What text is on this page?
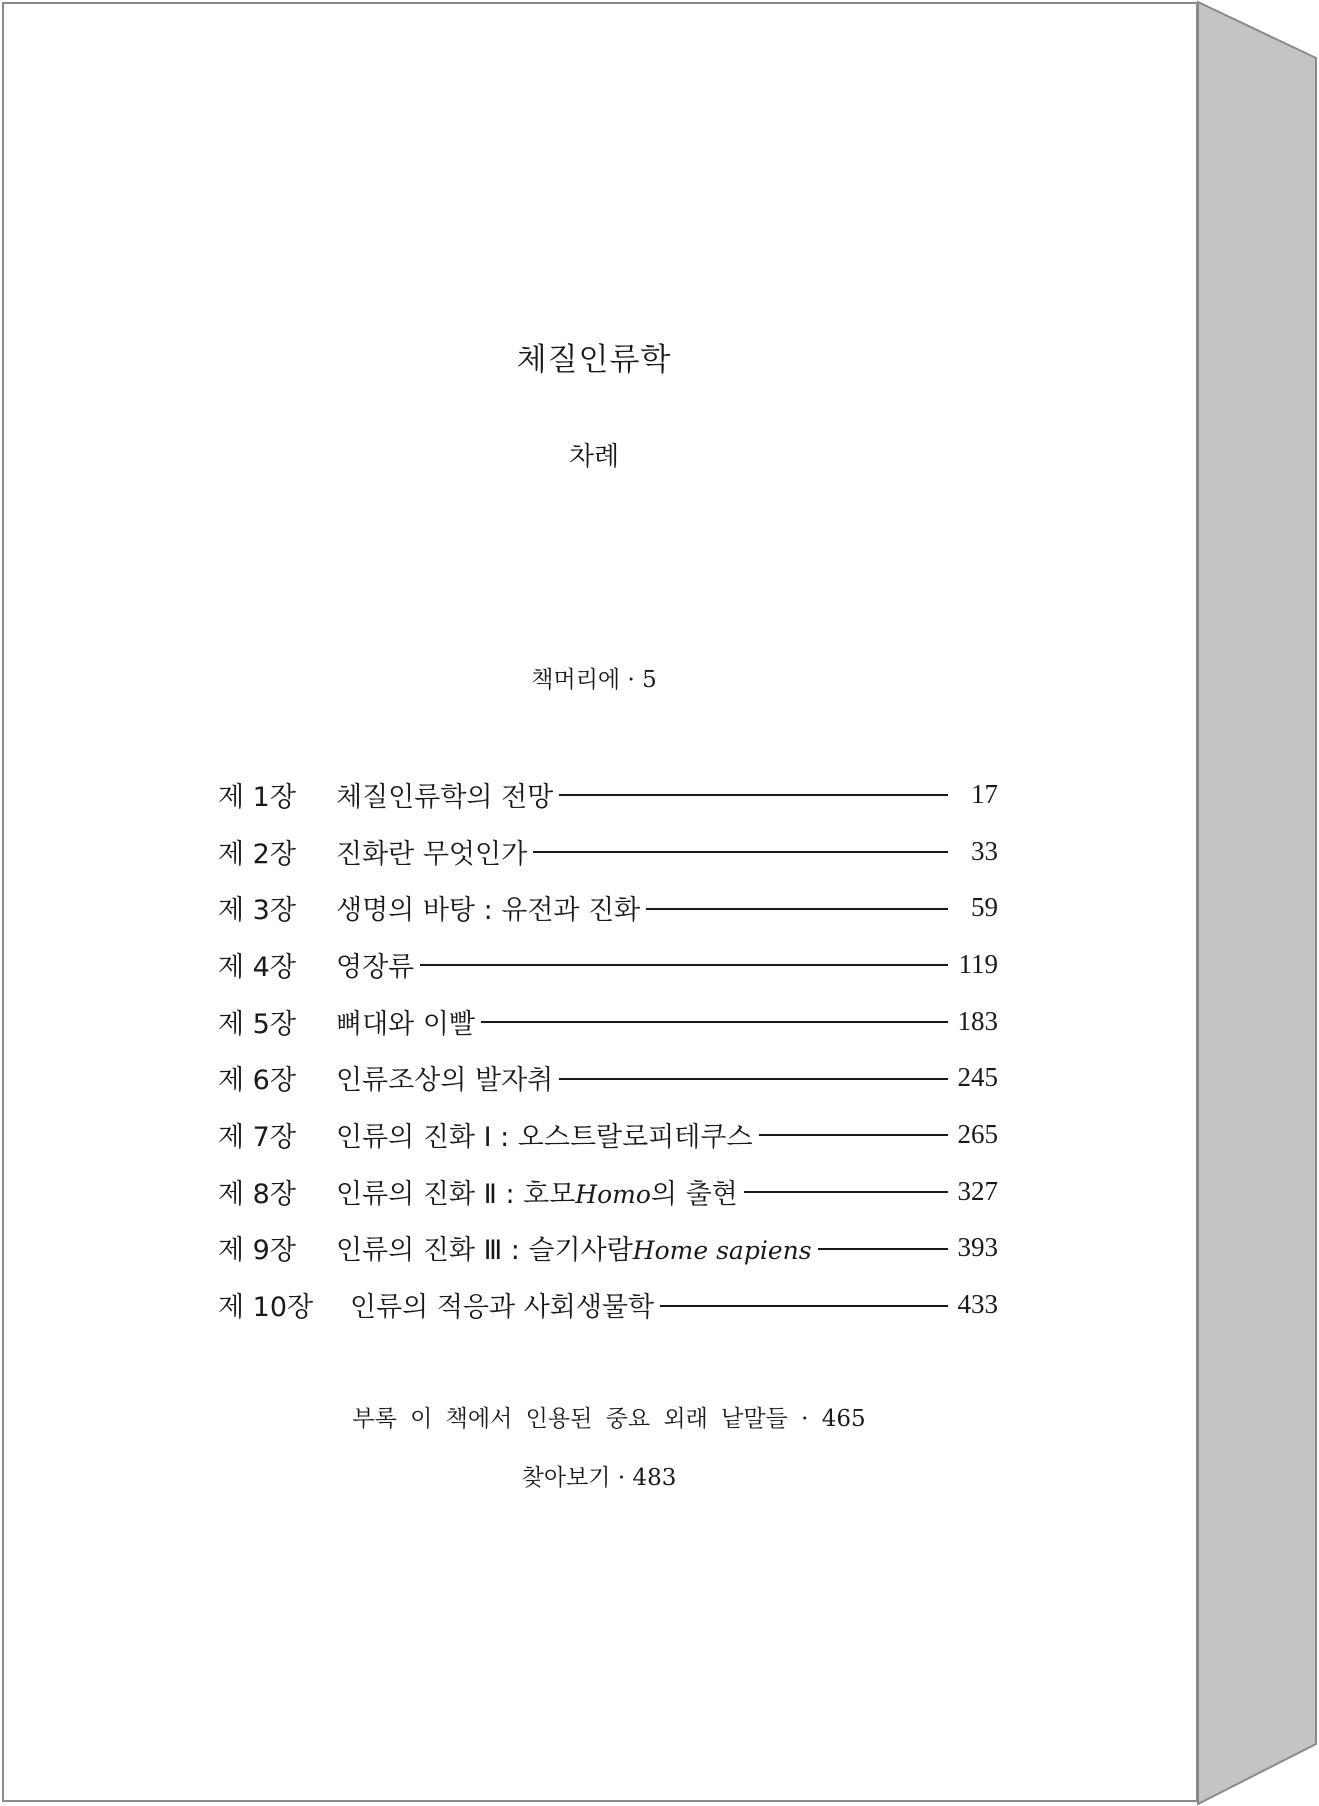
체질인류학
차례
책머리에 · 5
제 1장	체질인류학의 전망	17
제 2장	진화란 무엇인가	33
제 3장	생명의 바탕 : 유전과 진화	59
제 4장	영장류	119
제 5장	뼈대와 이빨	183
제 6장	인류조상의 발자취	245
제 7장	인류의 진화 Ⅰ : 오스트랄로피테쿠스	265
제 8장	인류의 진화 Ⅱ : 호모Homo의 출현	327
제 9장	인류의 진화 Ⅲ : 슬기사람Home sapiens	393
제 10장	인류의 적응과 사회생물학	433
부록 이 책에서 인용된 중요 외래 낱말들 · 465
찾아보기 · 483
